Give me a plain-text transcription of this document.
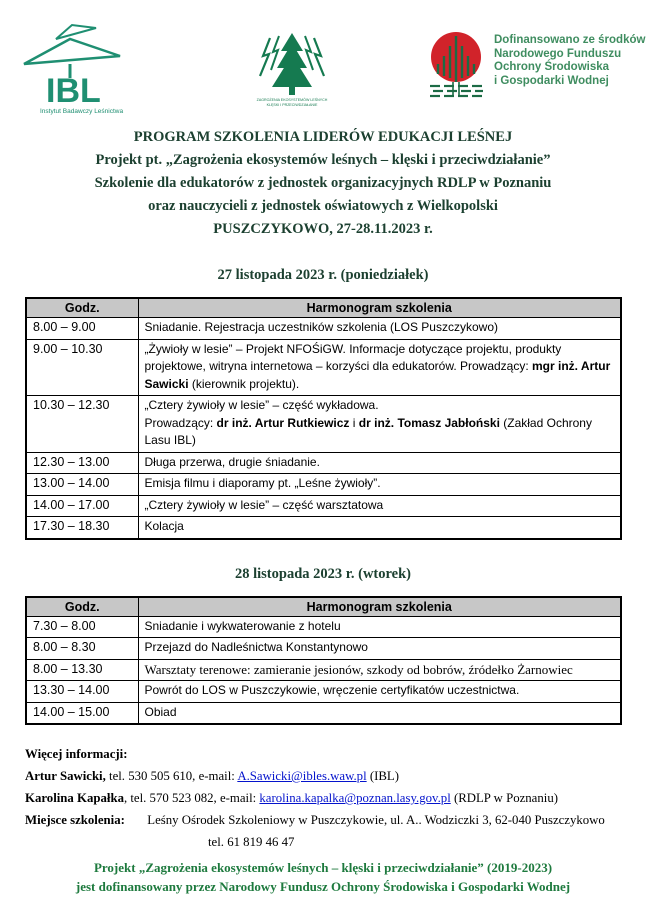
IBL
Instytut Badawczy Leśnictwa
ZAGROŻENIA EKOSYSTEMÓW LEŚNYCH
KLĘSKI I PRZECIWDZIAŁANIE
Dofinansowano ze środków
Narodowego Funduszu
Ochrony Środowiska
i Gospodarki Wodnej
PROGRAM SZKOLENIA LIDERÓW EDUKACJI LEŚNEJ
Projekt pt. „Zagrożenia ekosystemów leśnych – klęski i przeciwdziałanie”
Szkolenie dla edukatorów z jednostek organizacyjnych RDLP w Poznaniu
oraz nauczycieli z jednostek oświatowych z Wielkopolski
PUSZCZYKOWO, 27-28.11.2023 r.
27 listopada 2023 r. (poniedziałek)
Godz.	Harmonogram szkolenia
8.00 – 9.00	Sniadanie. Rejestracja uczestników szkolenia (LOS Puszczykowo)
9.00 – 10.30	„Żywioły w lesie” – Projekt NFOŚiGW. Informacje dotyczące projektu, produkty projektowe, witryna internetowa – korzyści dla edukatorów. Prowadzący: mgr inż. Artur Sawicki (kierownik projektu).
10.30 – 12.30	„Cztery żywioły w lesie” – część wykładowa.
Prowadzący: dr inż. Artur Rutkiewicz i dr inż. Tomasz Jabłoński (Zakład Ochrony Lasu IBL)
12.30 – 13.00	Długa przerwa, drugie śniadanie.
13.00 – 14.00	Emisja filmu i diaporamy pt. „Leśne żywioły”.
14.00 – 17.00	„Cztery żywioły w lesie” – część warsztatowa
17.30 – 18.30	Kolacja
28 listopada 2023 r. (wtorek)
Godz.	Harmonogram szkolenia
7.30 – 8.00	Sniadanie i wykwaterowanie z hotelu
8.00 – 8.30	Przejazd do Nadleśnictwa Konstantynowo
8.00 – 13.30	Warsztaty terenowe: zamieranie jesionów, szkody od bobrów, źródełko Żarnowiec
13.30 – 14.00	Powrót do LOS w Puszczykowie, wręczenie certyfikatów uczestnictwa.
14.00 – 15.00	Obiad
Więcej informacji:
Artur Sawicki, tel. 530 505 610, e-mail: A.Sawicki@ibles.waw.pl (IBL)
Karolina Kapałka, tel. 570 523 082, e-mail: karolina.kapalka@poznan.lasy.gov.pl (RDLP w Poznaniu)
Miejsce szkolenia:       Leśny Ośrodek Szkoleniowy w Puszczykowie, ul. A.. Wodziczki 3, 62-040 Puszczykowo
tel. 61 819 46 47
Projekt „Zagrożenia ekosystemów leśnych – klęski i przeciwdziałanie” (2019-2023)
jest dofinansowany przez Narodowy Fundusz Ochrony Środowiska i Gospodarki Wodnej
